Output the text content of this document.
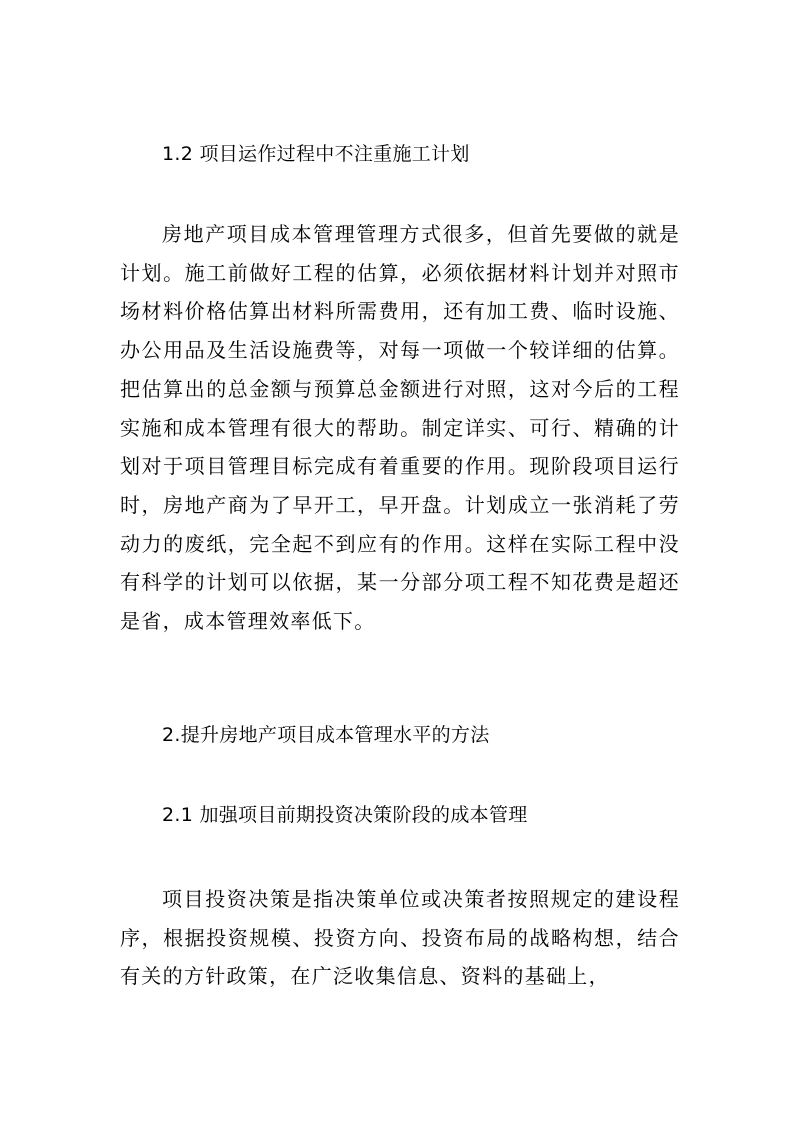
1.2 项目运作过程中不注重施工计划

房地产项目成本管理管理方式很多，但首先要做的就是计划。施工前做好工程的估算，必须依据材料计划并对照市场材料价格估算出材料所需费用，还有加工费、临时设施、办公用品及生活设施费等，对每一项做一个较详细的估算。把估算出的总金额与预算总金额进行对照，这对今后的工程实施和成本管理有很大的帮助。制定详实、可行、精确的计划对于项目管理目标完成有着重要的作用。现阶段项目运行时，房地产商为了早开工，早开盘。计划成立一张消耗了劳动力的废纸，完全起不到应有的作用。这样在实际工程中没有科学的计划可以依据，某一分部分项工程不知花费是超还是省，成本管理效率低下。

2.提升房地产项目成本管理水平的方法
2.1 加强项目前期投资决策阶段的成本管理

项目投资决策是指决策单位或决策者按照规定的建设程序，根据投资规模、投资方向、投资布局的战略构想，结合有关的方针政策，在广泛收集信息、资料的基础上，
